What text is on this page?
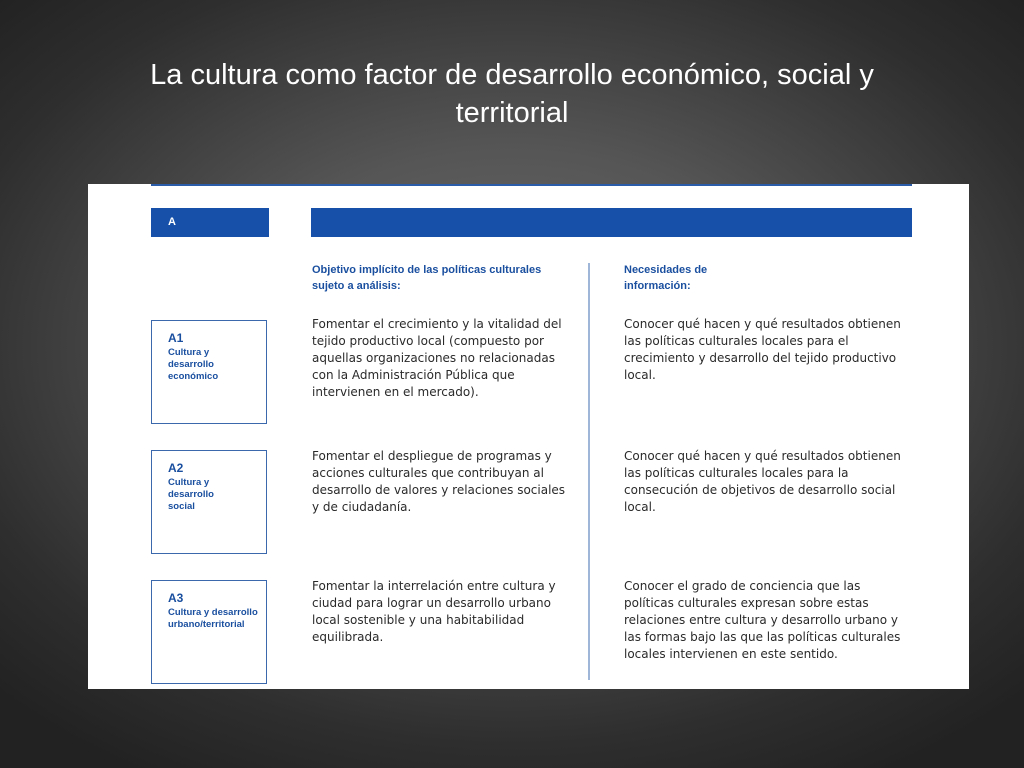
La cultura como factor de desarrollo económico, social y territorial
A
Objetivo implícito de las políticas culturales sujeto a análisis:
Necesidades de información:
A1
Cultura y desarrollo económico
Fomentar el crecimiento y la vitalidad del tejido productivo local (compuesto por aquellas organizaciones no relacionadas con la Administración Pública que intervienen en el mercado).
Conocer qué hacen y qué resultados obtienen las políticas culturales locales para el crecimiento y desarrollo del tejido productivo local.
A2
Cultura y desarrollo social
Fomentar el despliegue de programas y acciones culturales que contribuyan al desarrollo de valores y relaciones sociales y de ciudadanía.
Conocer qué hacen y qué resultados obtienen las políticas culturales locales para la consecución de objetivos de desarrollo social local.
A3
Cultura y desarrollo urbano/territorial
Fomentar la interrelación entre cultura y ciudad para lograr un desarrollo urbano local sostenible y una habitabilidad equilibrada.
Conocer el grado de conciencia que las políticas culturales expresan sobre estas relaciones entre cultura y desarrollo urbano y las formas bajo las que las políticas culturales locales intervienen en este sentido.
